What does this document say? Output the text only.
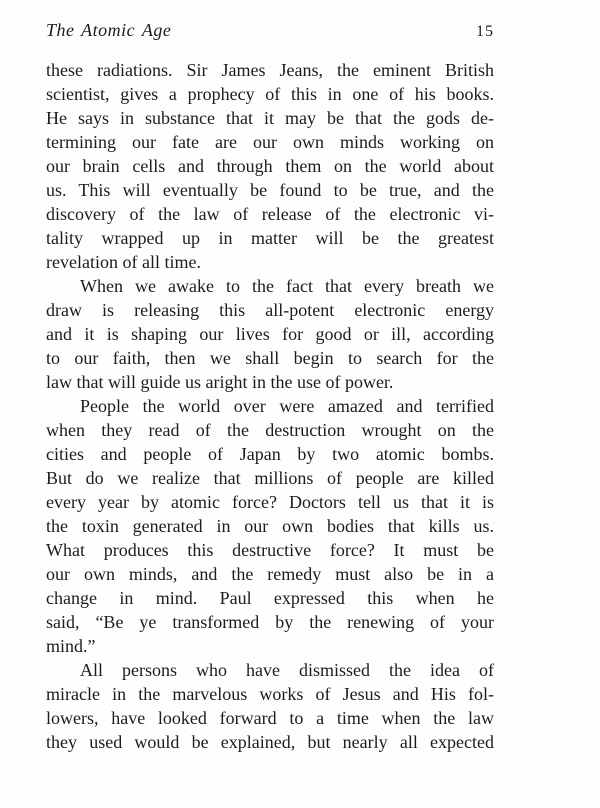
The Atomic Age	15
these radiations. Sir James Jeans, the eminent British
scientist, gives a prophecy of this in one of his books.
He says in substance that it may be that the gods de-
termining our fate are our own minds working on
our brain cells and through them on the world about
us. This will eventually be found to be true, and the
discovery of the law of release of the electronic vi-
tality wrapped up in matter will be the greatest
revelation of all time.
When we awake to the fact that every breath we
draw is releasing this all-potent electronic energy
and it is shaping our lives for good or ill, according
to our faith, then we shall begin to search for the
law that will guide us aright in the use of power.
People the world over were amazed and terrified
when they read of the destruction wrought on the
cities and people of Japan by two atomic bombs.
But do we realize that millions of people are killed
every year by atomic force? Doctors tell us that it is
the toxin generated in our own bodies that kills us.
What produces this destructive force? It must be
our own minds, and the remedy must also be in a
change in mind. Paul expressed this when he
said, “Be ye transformed by the renewing of your
mind.”
All persons who have dismissed the idea of
miracle in the marvelous works of Jesus and His fol-
lowers, have looked forward to a time when the law
they used would be explained, but nearly all expected
